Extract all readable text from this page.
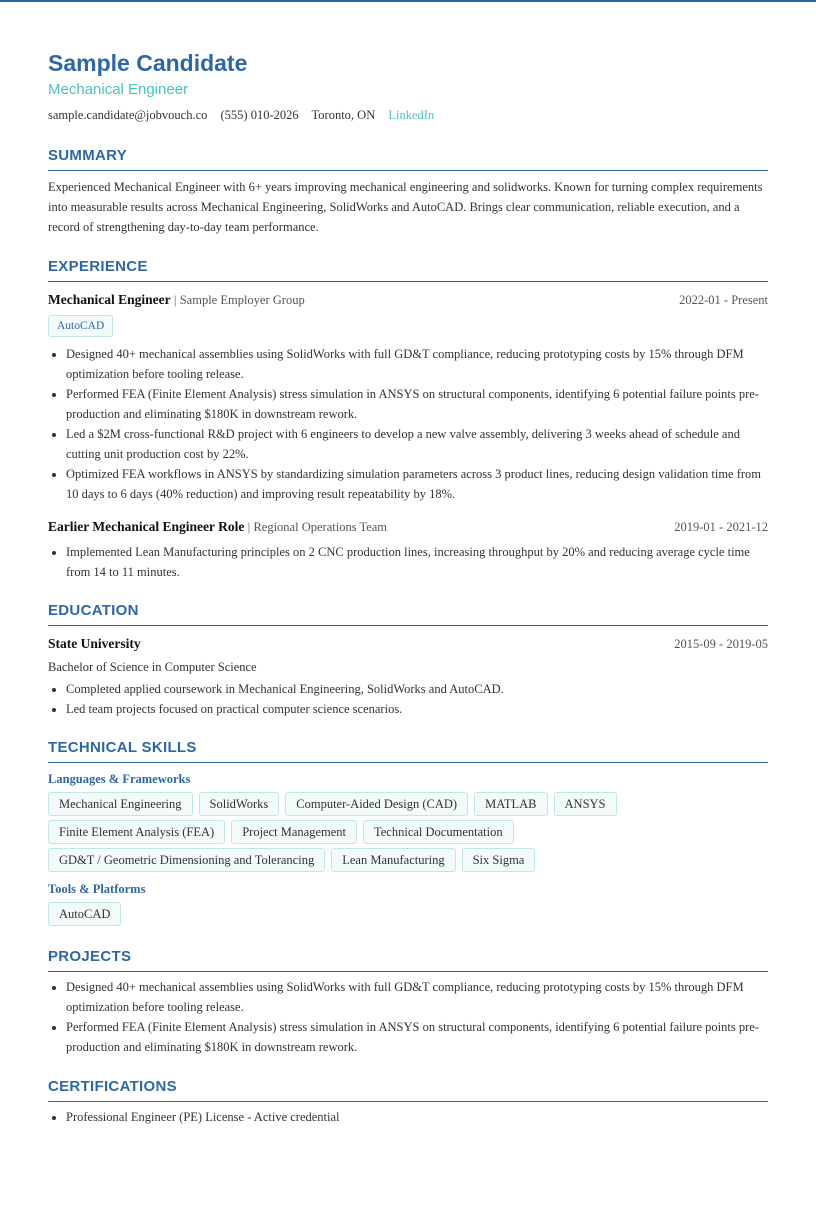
Sample Candidate
Mechanical Engineer
sample.candidate@jobvouch.co (555) 010-2026 Toronto, ON LinkedIn
SUMMARY
Experienced Mechanical Engineer with 6+ years improving mechanical engineering and solidworks. Known for turning complex requirements into measurable results across Mechanical Engineering, SolidWorks and AutoCAD. Brings clear communication, reliable execution, and a record of strengthening day-to-day team performance.
EXPERIENCE
Mechanical Engineer | Sample Employer Group	2022-01 - Present
AutoCAD
• Designed 40+ mechanical assemblies using SolidWorks with full GD&T compliance, reducing prototyping costs by 15% through DFM optimization before tooling release.
• Performed FEA (Finite Element Analysis) stress simulation in ANSYS on structural components, identifying 6 potential failure points pre-production and eliminating $180K in downstream rework.
• Led a $2M cross-functional R&D project with 6 engineers to develop a new valve assembly, delivering 3 weeks ahead of schedule and cutting unit production cost by 22%.
• Optimized FEA workflows in ANSYS by standardizing simulation parameters across 3 product lines, reducing design validation time from 10 days to 6 days (40% reduction) and improving result repeatability by 18%.
Earlier Mechanical Engineer Role | Regional Operations Team	2019-01 - 2021-12
• Implemented Lean Manufacturing principles on 2 CNC production lines, increasing throughput by 20% and reducing average cycle time from 14 to 11 minutes.
EDUCATION
State University	2015-09 - 2019-05
Bachelor of Science in Computer Science
• Completed applied coursework in Mechanical Engineering, SolidWorks and AutoCAD.
• Led team projects focused on practical computer science scenarios.
TECHNICAL SKILLS
Languages & Frameworks
Mechanical Engineering	SolidWorks	Computer-Aided Design (CAD)	MATLAB	ANSYS
Finite Element Analysis (FEA)	Project Management	Technical Documentation
GD&T / Geometric Dimensioning and Tolerancing	Lean Manufacturing	Six Sigma
Tools & Platforms
AutoCAD
PROJECTS
• Designed 40+ mechanical assemblies using SolidWorks with full GD&T compliance, reducing prototyping costs by 15% through DFM optimization before tooling release.
• Performed FEA (Finite Element Analysis) stress simulation in ANSYS on structural components, identifying 6 potential failure points pre-production and eliminating $180K in downstream rework.
CERTIFICATIONS
• Professional Engineer (PE) License - Active credential
